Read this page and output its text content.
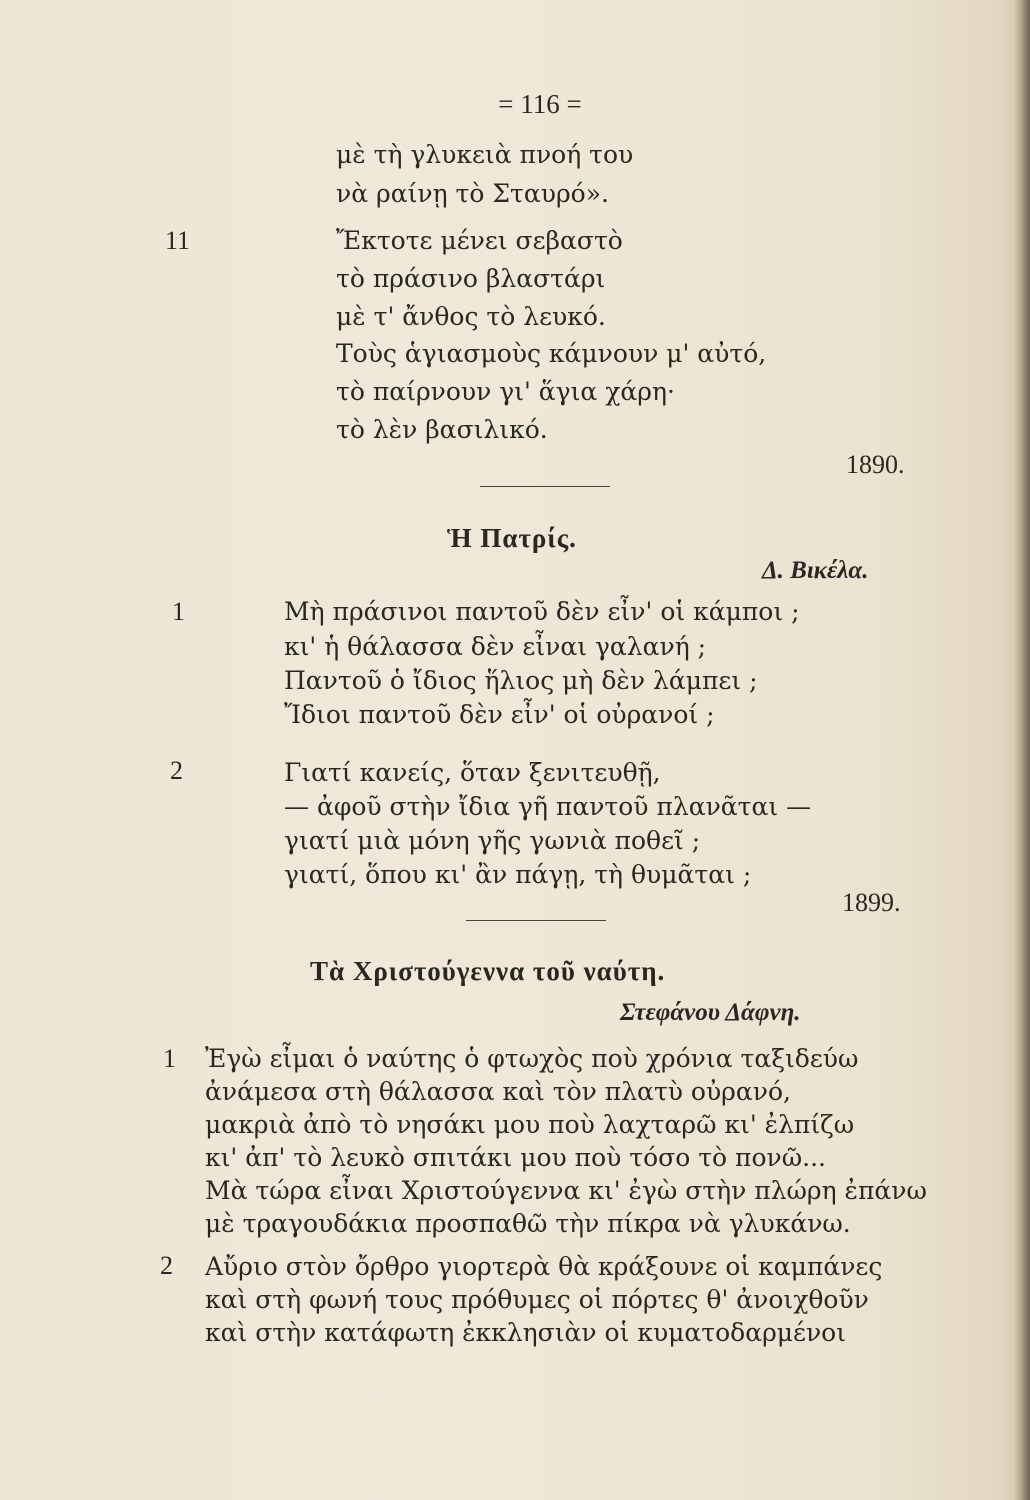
= 116 =
μὲ τὴ γλυκειὰ πνοή του
νὰ ραίνῃ τὸ Σταυρό».
11	Ἔκτοτε μένει σεβαστὸ
τὸ πράσινο βλαστάρι
μὲ τ' ἄνθος τὸ λευκό.
Τοὺς ἁγιασμοὺς κάμνουν μ' αὐτό,
τὸ παίρνουν γι' ἅγια χάρη·
τὸ λὲν βασιλικό.
1890.
Ἡ Πατρίς.
Δ. Βικέλα.
1	Μὴ πράσινοι παντοῦ δὲν εἶν' οἱ κάμποι ;
κι' ἡ θάλασσα δὲν εἶναι γαλανή ;
Παντοῦ ὁ ἴδιος ἥλιος μὴ δὲν λάμπει ;
Ἴδιοι παντοῦ δὲν εἶν' οἱ οὐρανοί ;
2	Γιατί κανείς, ὅταν ξενιτευθῇ,
— ἀφοῦ στὴν ἴδια γῆ παντοῦ πλανᾶται —
γιατί μιὰ μόνη γῆς γωνιὰ ποθεῖ ;
γιατί, ὅπου κι' ἂν πάγῃ, τὴ θυμᾶται ;
1899.
Τὰ Χριστούγεννα τοῦ ναύτη.
Στεφάνου Δάφνη.
1 Ἐγὼ εἶμαι ὁ ναύτης ὁ φτωχὸς ποὺ χρόνια ταξιδεύω
ἀνάμεσα στὴ θάλασσα καὶ τὸν πλατὺ οὐρανό,
μακριὰ ἀπὸ τὸ νησάκι μου ποὺ λαχταρῶ κι' ἐλπίζω
κι' ἀπ' τὸ λευκὸ σπιτάκι μου ποὺ τόσο τὸ πονῶ...
Μὰ τώρα εἶναι Χριστούγεννα κι' ἐγὼ στὴν πλώρη ἐπάνω
μὲ τραγουδάκια προσπαθῶ τὴν πίκρα νὰ γλυκάνω.
2 Αὔριο στὸν ὄρθρο γιορτερὰ θὰ κράξουνε οἱ καμπάνες
καὶ στὴ φωνή τους πρόθυμες οἱ πόρτες θ' ἀνοιχθοῦν
καὶ στὴν κατάφωτη ἐκκλησιὰν οἱ κυματοδαρμένοι
